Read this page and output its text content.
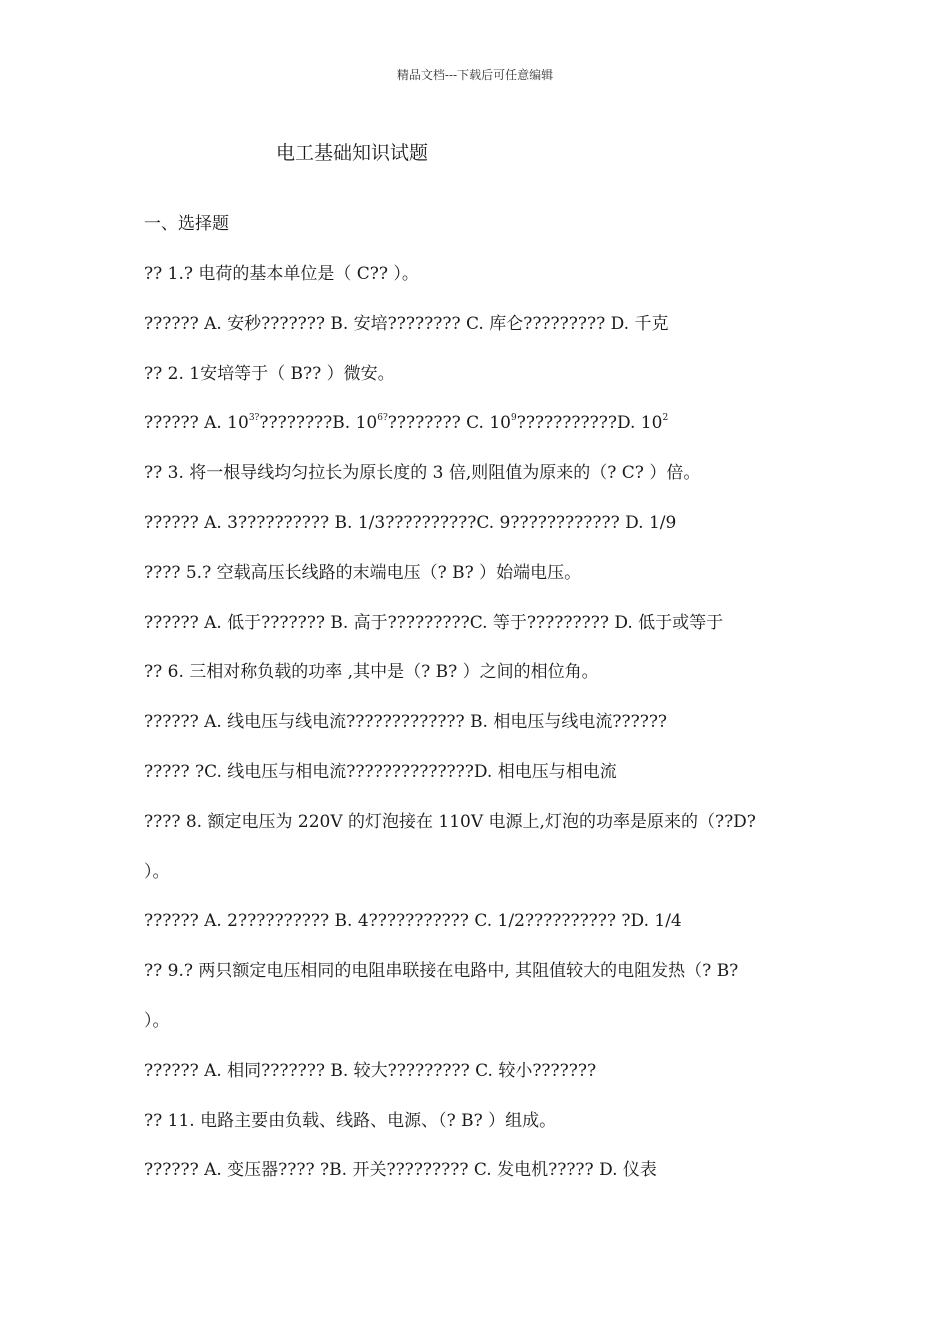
精品文档---下载后可任意编辑
电工基础知识试题
一、选择题
?? 1.? 电荷的基本单位是（ C?? ）。
?????? A. 安秒??????? B. 安培???????? C. 库仑????????? D. 千克
?? 2. 1安培等于（ B?? ）微安。
?????? A. $10^{3?}????????B$. $10^{6?}$???????? C. $10^9???????????D$. $10^2$
?? 3. 将一根导线均匀拉长为原长度的 3 倍,则阻值为原来的（? C? ）倍。
?????? A. 3?????????? B. 1/3??????????C. 9???????????? D. 1/9
???? 5.? 空载高压长线路的末端电压（? B? ）始端电压。
?????? A. 低于??????? B. 高于?????????C. 等于????????? D. 低于或等于
?? 6. 三相对称负载的功率 ,其中是（? B? ）之间的相位角。
?????? A. 线电压与线电流????????????? B. 相电压与线电流??????
????? ?C. 线电压与相电流??????????????D. 相电压与相电流
???? 8. 额定电压为 220V 的灯泡接在 110V 电源上,灯泡的功率是原来的（??D?
）。
?????? A. 2?????????? B. 4??????????? C. 1/2?????????? ?D. 1/4
?? 9.? 两只额定电压相同的电阻串联接在电路中, 其阻值较大的电阻发热（? B?
）。
?????? A. 相同??????? B. 较大????????? C. 较小???????
?? 11. 电路主要由负载、线路、电源、（? B? ）组成。
?????? A. 变压器???? ?B. 开关????????? C. 发电机????? D. 仪表
